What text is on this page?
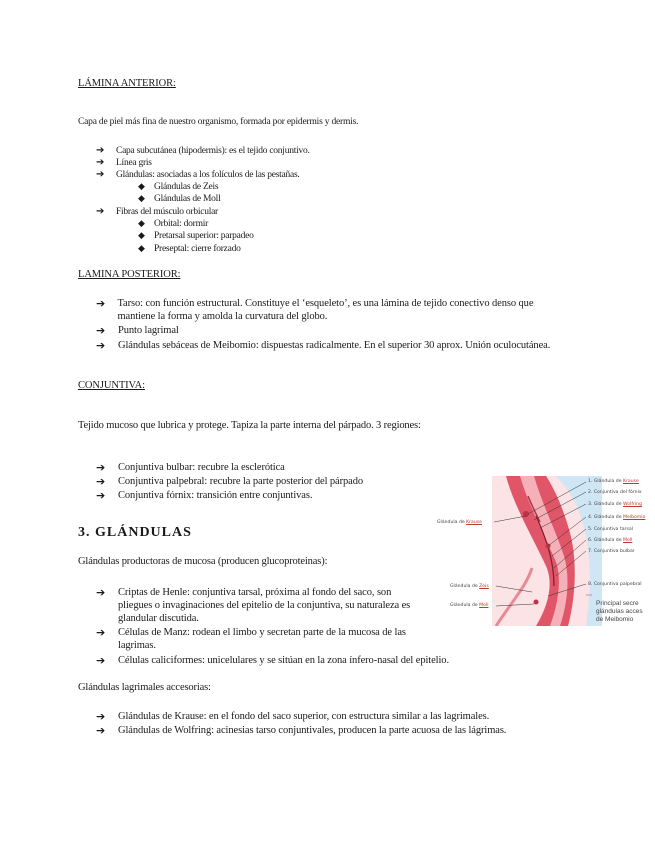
LÁMINA ANTERIOR:
Capa de piel más fina de nuestro organismo, formada por epidermis y dermis.
➔	Capa subcutánea (hipodermis): es el tejido conjuntivo.
➔	Línea gris
➔	Glándulas: asociadas a los folículos de las pestañas.
◆ Glándulas de Zeis
◆ Glándulas de Moll
➔	Fibras del músculo orbicular
◆ Orbital: dormir
◆ Pretarsal superior: parpadeo
◆ Preseptal: cierre forzado
LAMINA POSTERIOR:
➔	Tarso: con función estructural. Constituye el ‘esqueleto’, es una lámina de tejido conectivo denso que mantiene la forma y amolda la curvatura del globo.
➔	Punto lagrimal
➔	Glándulas sebáceas de Meibomio: dispuestas radicalmente. En el superior 30 aprox. Unión oculocutánea.
CONJUNTIVA:
Tejido mucoso que lubrica y protege. Tapiza la parte interna del párpado. 3 regiones:
➔	Conjuntiva bulbar: recubre la esclerótica
➔	Conjuntiva palpebral: recubre la parte posterior del párpado
➔	Conjuntiva fórnix: transición entre conjuntivas.
3. GLÁNDULAS
Glándulas productoras de mucosa (producen glucoproteinas):
➔	Criptas de Henle: conjuntiva tarsal, próxima al fondo del saco, son pliegues o invaginaciones del epitelio de la conjuntiva, su naturaleza es glandular discutida.
➔	Células de Manz: rodean el limbo y secretan parte de la mucosa de las lagrimas.
➔	Células caliciformes: unicelulares y se sitúan en la zona ínfero-nasal del epitelio.
Glándulas lagrimales accesorias:
➔	Glándulas de Krause: en el fondo del saco superior, con estructura similar a las lagrimales.
➔	Glándulas de Wolfring: acinesias tarso conjuntivales, producen la parte acuosa de las lágrimas.
1. Glándula de Krause
2. Conjuntiva del fórnix
3. Glándula de Wolfring
4. Glándula de Meibomio
5. Conjuntiva tarsal
6. Glándula de Moll
7. Conjuntiva bulbar
8. Conjuntiva palpebral
Glándula de Krause
Glándula de Zeis
Glándula de Moll	Principal secre
glándulas acces
de Meibomio
